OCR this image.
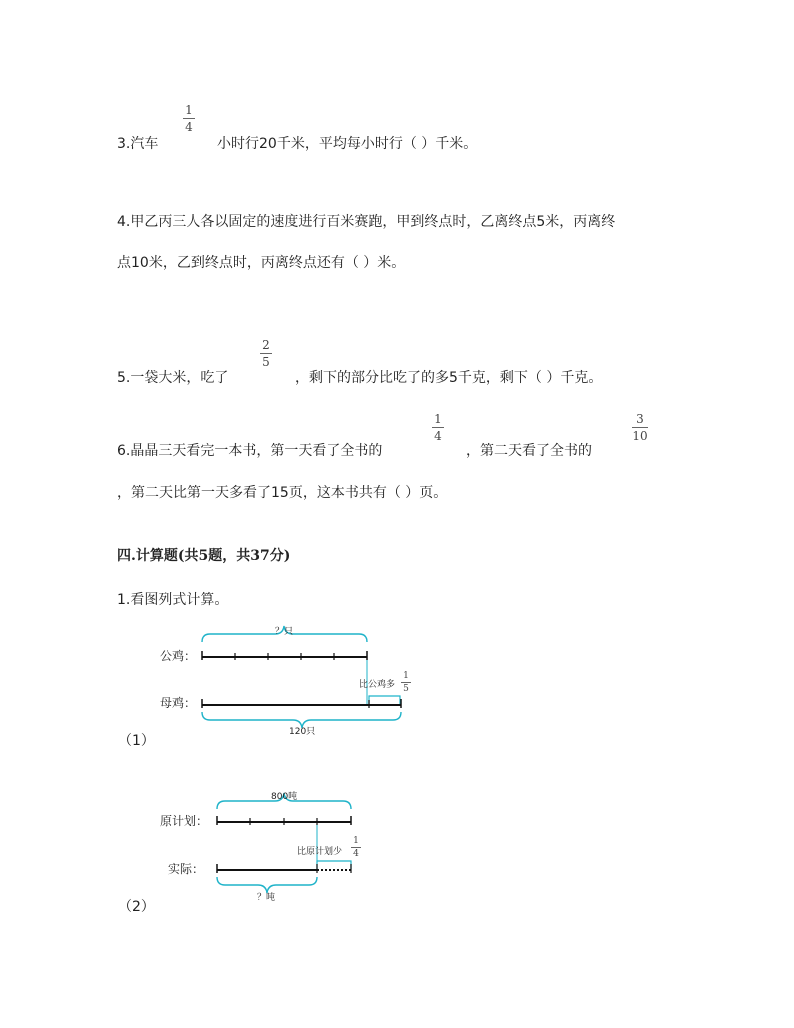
3.汽车
1
4
小时行20千米，平均每小时行（ ）千米。
4.甲乙丙三人各以固定的速度进行百米赛跑，甲到终点时，乙离终点5米，丙离终
点10米，乙到终点时，丙离终点还有（ ）米。
5.一袋大米，吃了
2
5
，剩下的部分比吃了的多5千克，剩下（ ）千克。
6.晶晶三天看完一本书，第一天看了全书的
1
4
，第二天看了全书的
3
10
，第二天比第一天多看了15页，这本书共有（ ）页。
四.计算题(共5题，共37分)
1.看图列式计算。
公鸡：
母鸡：
？只
比公鸡多
1
5
120只
（1）
原计划：
实际：
800吨
比原计划少
1
4
？吨
（2）
